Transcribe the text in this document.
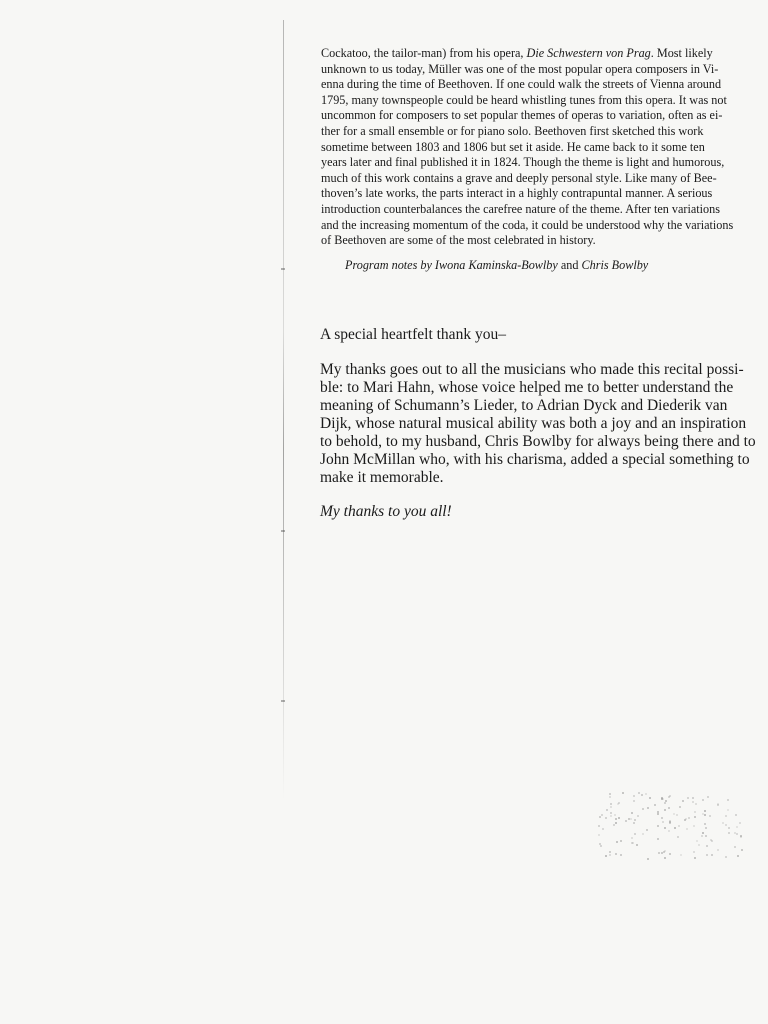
Cockatoo, the tailor-man) from his opera, Die Schwestern von Prag. Most likely
unknown to us today, Müller was one of the most popular opera composers in Vi-
enna during the time of Beethoven. If one could walk the streets of Vienna around
1795, many townspeople could be heard whistling tunes from this opera. It was not
uncommon for composers to set popular themes of operas to variation, often as ei-
ther for a small ensemble or for piano solo. Beethoven first sketched this work
sometime between 1803 and 1806 but set it aside. He came back to it some ten
years later and final published it in 1824. Though the theme is light and humorous,
much of this work contains a grave and deeply personal style. Like many of Bee-
thoven’s late works, the parts interact in a highly contrapuntal manner. A serious
introduction counterbalances the carefree nature of the theme. After ten variations
and the increasing momentum of the coda, it could be understood why the variations
of Beethoven are some of the most celebrated in history.

Program notes by Iwona Kaminska-Bowlby and Chris Bowlby

A special heartfelt thank you–

My thanks goes out to all the musicians who made this recital possi-
ble: to Mari Hahn, whose voice helped me to better understand the
meaning of Schumann’s Lieder, to Adrian Dyck and Diederik van
Dijk, whose natural musical ability was both a joy and an inspiration
to behold, to my husband, Chris Bowlby for always being there and to
John McMillan who, with his charisma, added a special something to
make it memorable.

My thanks to you all!
